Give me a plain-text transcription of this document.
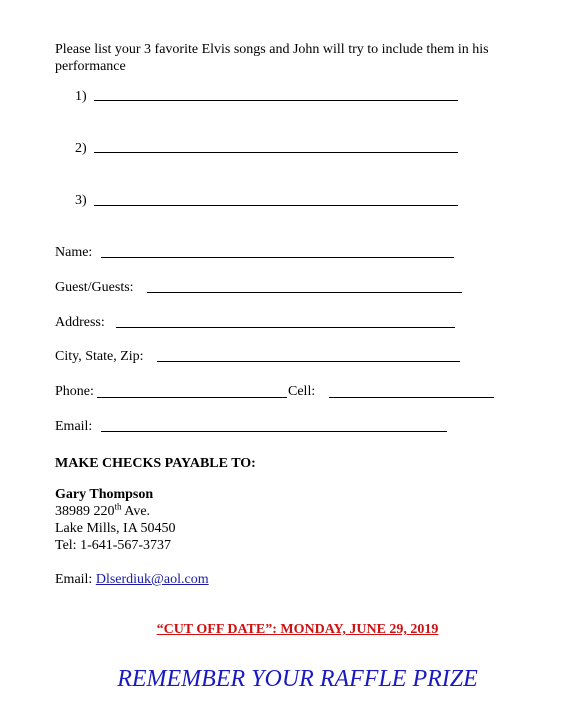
Please list your 3 favorite Elvis songs and John will try to include them in his
performance
1)
2)
3)
Name:
Guest/Guests:
Address:
City, State, Zip:
Phone:	Cell:
Email:
MAKE CHECKS PAYABLE TO:
Gary Thompson
38989 220th Ave.
Lake Mills, IA 50450
Tel: 1-641-567-3737
Email: Dlserdiuk@aol.com
“CUT OFF DATE”: MONDAY, JUNE 29, 2019
REMEMBER YOUR RAFFLE PRIZE
